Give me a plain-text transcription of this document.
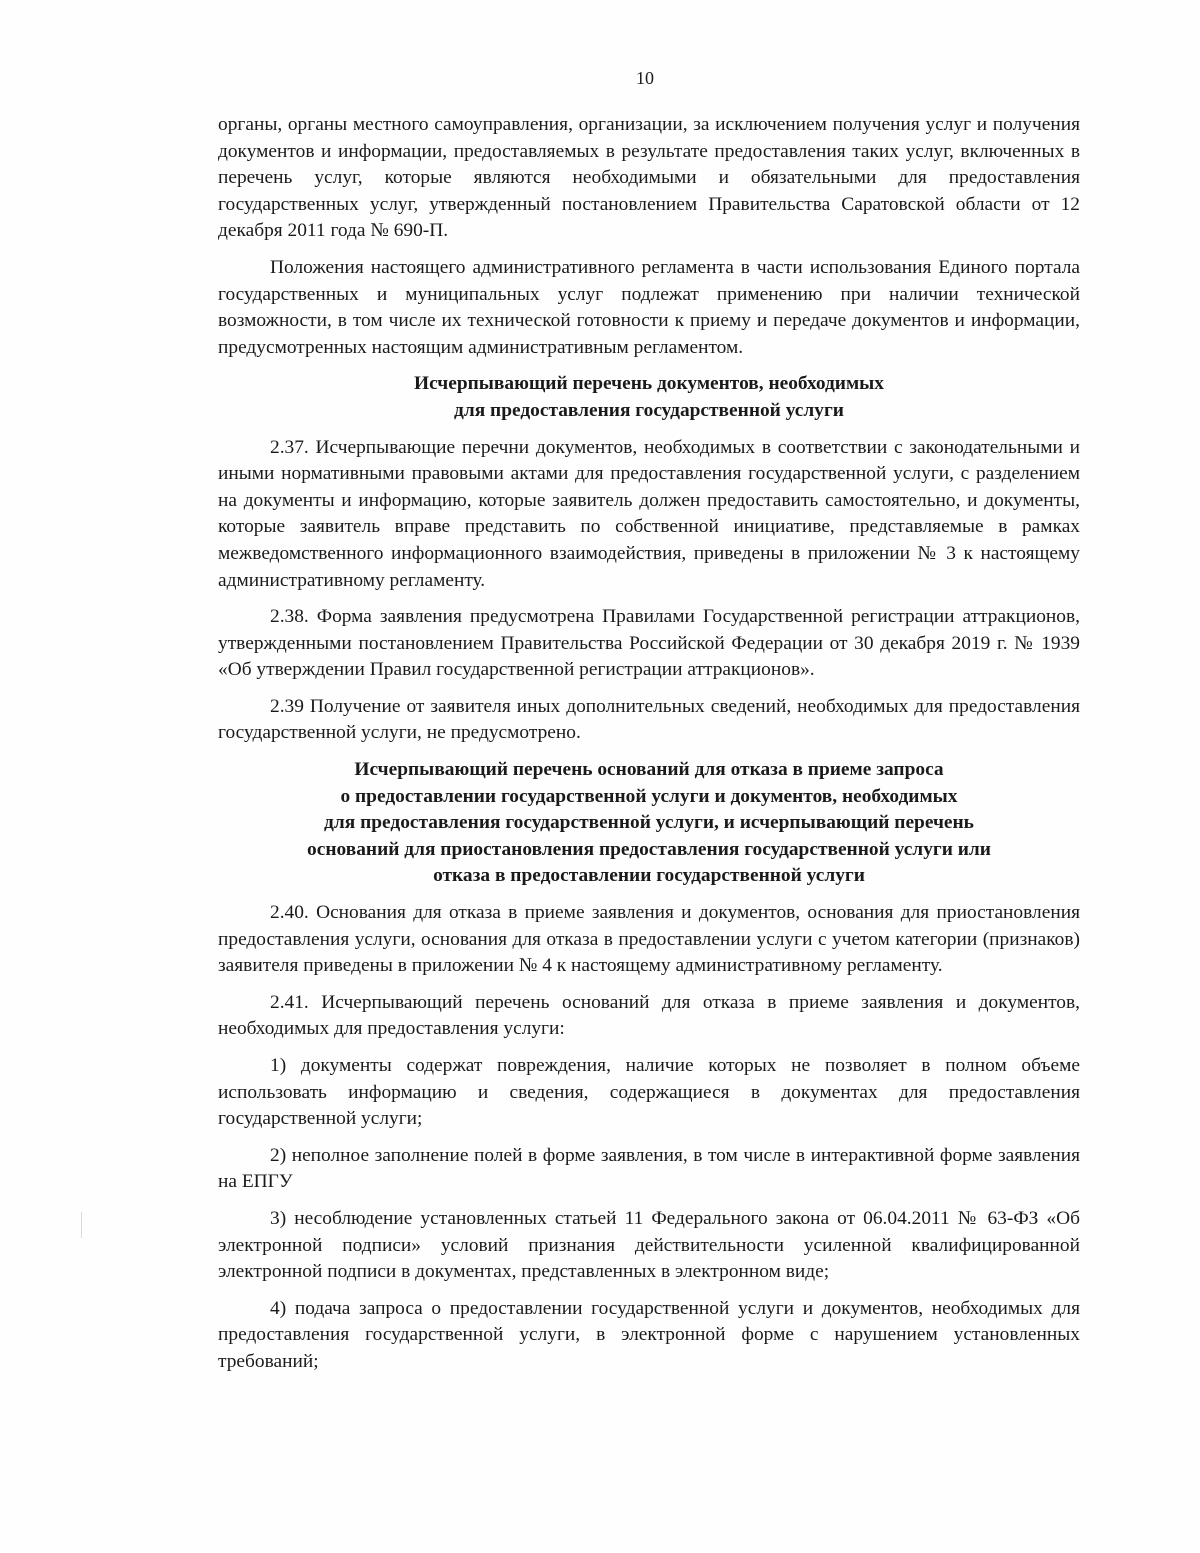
10

органы, органы местного самоуправления, организации, за исключением получения услуг и получения документов и информации, предоставляемых в результате предоставления таких услуг, включенных в перечень услуг, которые являются необходимыми и обязательными для предоставления государственных услуг, утвержденный постановлением Правительства Саратовской области от 12 декабря 2011 года № 690-П.

Положения настоящего административного регламента в части использования Единого портала государственных и муниципальных услуг подлежат применению при наличии технической возможности, в том числе их технической готовности к приему и передаче документов и информации, предусмотренных настоящим административным регламентом.

Исчерпывающий перечень документов, необходимых
для предоставления государственной услуги

2.37. Исчерпывающие перечни документов, необходимых в соответствии с законодательными и иными нормативными правовыми актами для предоставления государственной услуги, с разделением на документы и информацию, которые заявитель должен предоставить самостоятельно, и документы, которые заявитель вправе представить по собственной инициативе, представляемые в рамках межведомственного информационного взаимодействия, приведены в приложении № 3 к настоящему административному регламенту.

2.38. Форма заявления предусмотрена Правилами Государственной регистрации аттракционов, утвержденными постановлением Правительства Российской Федерации от 30 декабря 2019 г. № 1939 «Об утверждении Правил государственной регистрации аттракционов».

2.39 Получение от заявителя иных дополнительных сведений, необходимых для предоставления государственной услуги, не предусмотрено.

Исчерпывающий перечень оснований для отказа в приеме запроса
о предоставлении государственной услуги и документов, необходимых
для предоставления государственной услуги, и исчерпывающий перечень
оснований для приостановления предоставления государственной услуги или
отказа в предоставлении государственной услуги

2.40. Основания для отказа в приеме заявления и документов, основания для приостановления предоставления услуги, основания для отказа в предоставлении услуги с учетом категории (признаков) заявителя приведены в приложении № 4 к настоящему административному регламенту.

2.41. Исчерпывающий перечень оснований для отказа в приеме заявления и документов, необходимых для предоставления услуги:

1) документы содержат повреждения, наличие которых не позволяет в полном объеме использовать информацию и сведения, содержащиеся в документах для предоставления государственной услуги;

2) неполное заполнение полей в форме заявления, в том числе в интерактивной форме заявления на ЕПГУ

3) несоблюдение установленных статьей 11 Федерального закона от 06.04.2011 № 63-ФЗ «Об электронной подписи» условий признания действительности усиленной квалифицированной электронной подписи в документах, представленных в электронном виде;

4) подача запроса о предоставлении государственной услуги и документов, необходимых для предоставления государственной услуги, в электронной форме с нарушением установленных требований;
